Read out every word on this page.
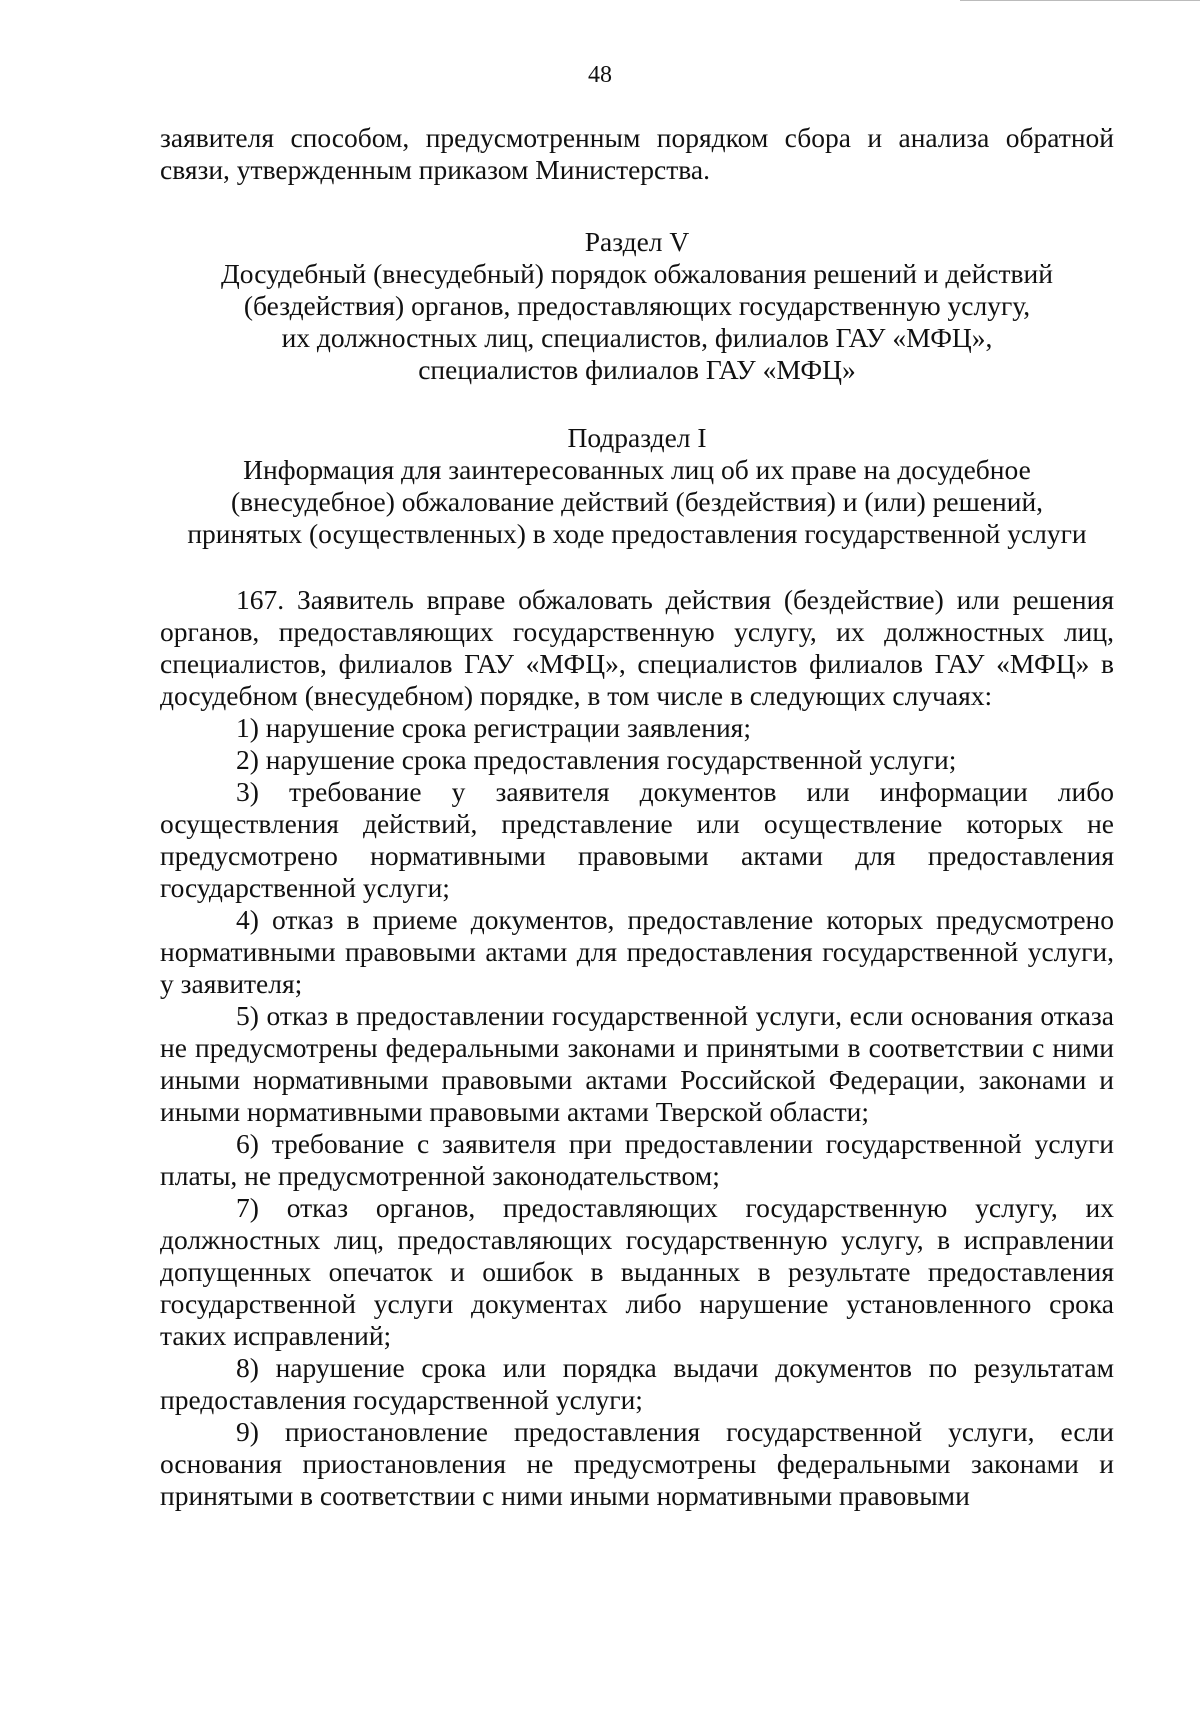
48

заявителя способом, предусмотренным порядком сбора и анализа обратной связи, утвержденным приказом Министерства.

Раздел V

Досудебный (внесудебный) порядок обжалования решений и действий

(бездействия) органов, предоставляющих государственную услугу,

их должностных лиц, специалистов, филиалов ГАУ «МФЦ»,

специалистов филиалов ГАУ «МФЦ»

Подраздел I

Информация для заинтересованных лиц об их праве на досудебное

(внесудебное) обжалование действий (бездействия) и (или) решений,

принятых (осуществленных) в ходе предоставления государственной услуги

167. Заявитель вправе обжаловать действия (бездействие) или решения органов, предоставляющих государственную услугу, их должностных лиц, специалистов, филиалов ГАУ «МФЦ», специалистов филиалов ГАУ «МФЦ» в досудебном (внесудебном) порядке, в том числе в следующих случаях:

1) нарушение срока регистрации заявления;

2) нарушение срока предоставления государственной услуги;

3) требование у заявителя документов или информации либо осуществления действий, представление или осуществление которых не предусмотрено нормативными правовыми актами для предоставления государственной услуги;

4) отказ в приеме документов, предоставление которых предусмотрено нормативными правовыми актами для предоставления государственной услуги, у заявителя;

5) отказ в предоставлении государственной услуги, если основания отказа не предусмотрены федеральными законами и принятыми в соответствии с ними иными нормативными правовыми актами Российской Федерации, законами и иными нормативными правовыми актами Тверской области;

6) требование с заявителя при предоставлении государственной услуги платы, не предусмотренной законодательством;

7) отказ органов, предоставляющих государственную услугу, их должностных лиц, предоставляющих государственную услугу, в исправлении допущенных опечаток и ошибок в выданных в результате предоставления государственной услуги документах либо нарушение установленного срока таких исправлений;

8) нарушение срока или порядка выдачи документов по результатам предоставления государственной услуги;

9) приостановление предоставления государственной услуги, если основания приостановления не предусмотрены федеральными законами и принятыми в соответствии с ними иными нормативными правовыми
